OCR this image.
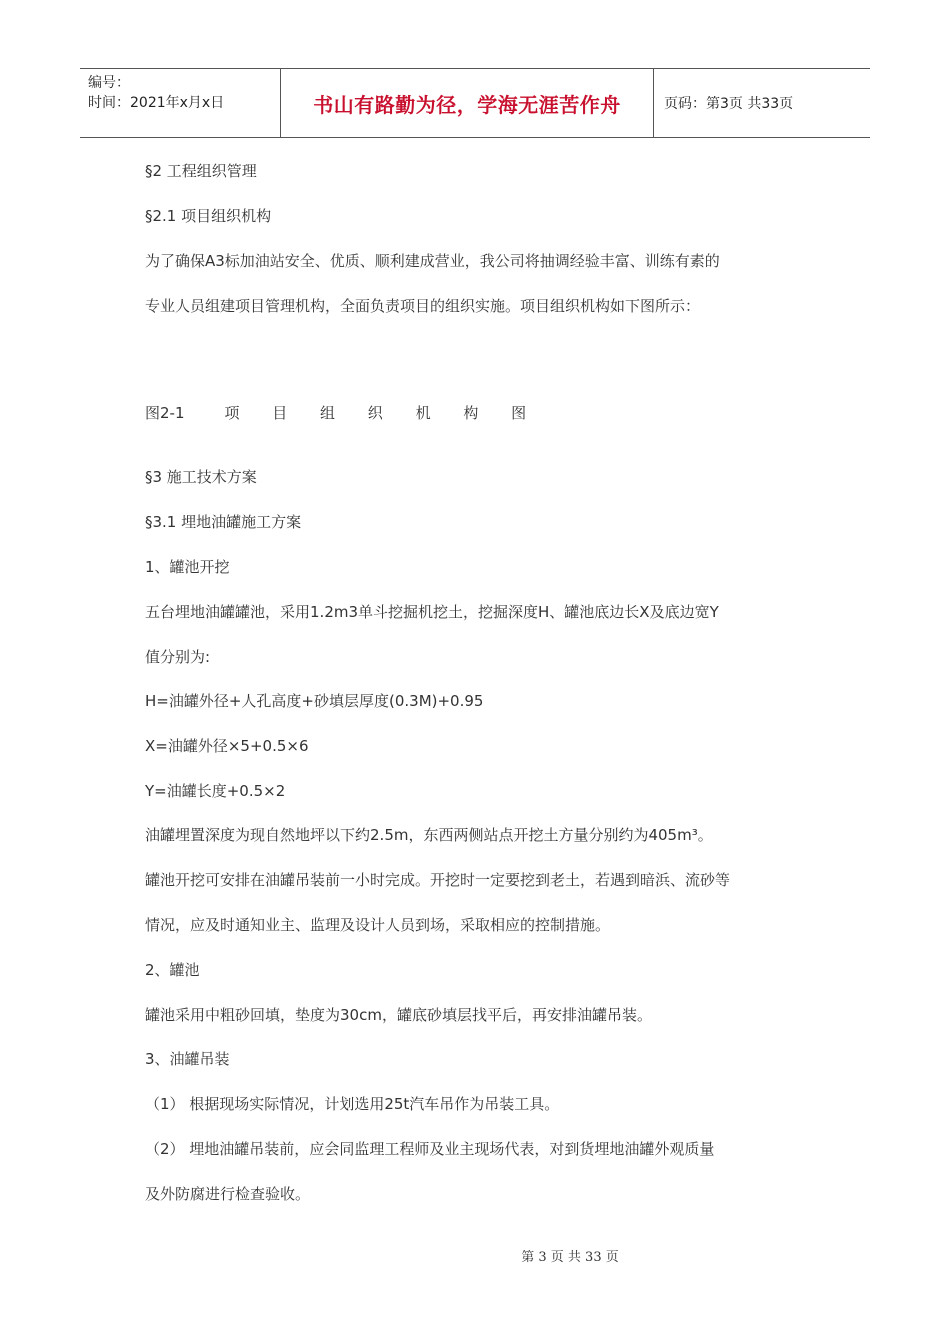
编号：
时间：2021年x月x日	书山有路勤为径，学海无涯苦作舟	页码：第3页 共33页
§2 工程组织管理
§2.1 项目组织机构
为了确保A3标加油站安全、优质、顺利建成营业，我公司将抽调经验丰富、训练有素的
专业人员组建项目管理机构，全面负责项目的组织实施。项目组织机构如下图所示：
图2-1	项 目 组 织 机 构 图
§3 施工技术方案
§3.1 埋地油罐施工方案
1、罐池开挖
五台埋地油罐罐池，采用1.2m3单斗挖掘机挖土，挖掘深度H、罐池底边长X及底边宽Y
值分别为:
H=油罐外径+人孔高度+砂填层厚度(0.3M)+0.95
X=油罐外径×5+0.5×6
Y=油罐长度+0.5×2
油罐埋置深度为现自然地坪以下约2.5m，东西两侧站点开挖土方量分别约为405m³。
罐池开挖可安排在油罐吊装前一小时完成。开挖时一定要挖到老土，若遇到暗浜、流砂等
情况，应及时通知业主、监理及设计人员到场，采取相应的控制措施。
2、罐池
罐池采用中粗砂回填，垫度为30cm，罐底砂填层找平后，再安排油罐吊装。
3、油罐吊装
（1） 根据现场实际情况，计划选用25t汽车吊作为吊装工具。
（2） 埋地油罐吊装前，应会同监理工程师及业主现场代表，对到货埋地油罐外观质量
及外防腐进行检查验收。
第 3 页 共 33 页
